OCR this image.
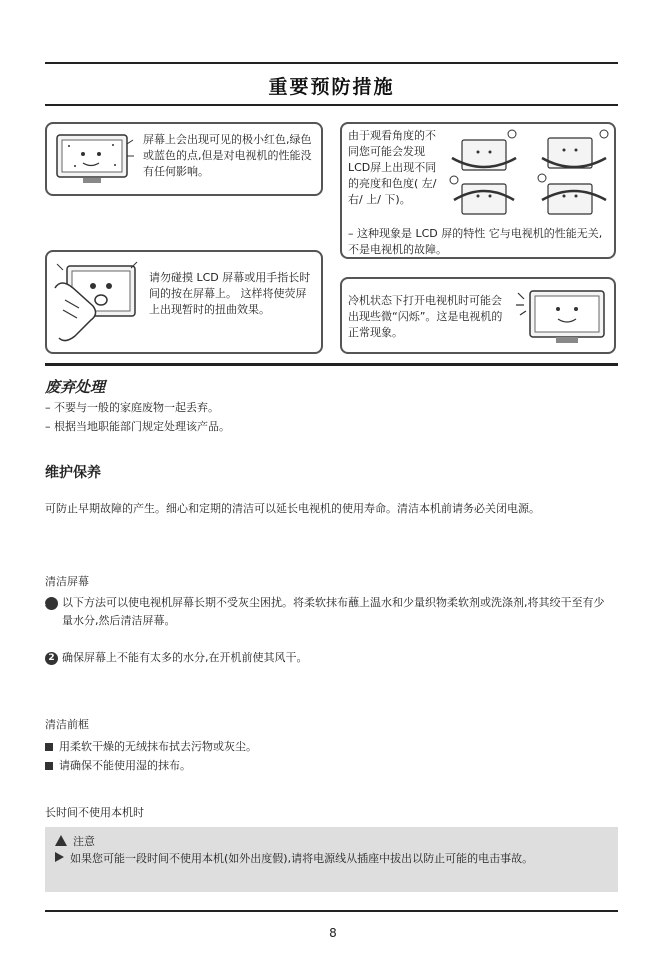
重要预防措施
屏幕上会出现可见的极小红色,绿色或蓝色的点,但是对电视机的性能没有任何影响。
由于观看角度的不同您可能会发现 LCD屏上出现不同的亮度和色度( 左/ 右/ 上/ 下)。
– 这种现象是 LCD 屏的特性 它与电视机的性能无关,不是电视机的故障。
请勿碰摸 LCD 屏幕或用手指长时间的按在屏幕上。 这样将使荧屏上出现暂时的扭曲效果。
冷机状态下打开电视机时可能会出现些微“闪烁”。这是电视机的正常现象。
废弃处理
– 不要与一般的家庭废物一起丢弃。
– 根据当地职能部门规定处理该产品。
维护保养
可防止早期故障的产生。细心和定期的清洁可以延长电视机的使用寿命。清洁本机前请务必关闭电源。
清洁屏幕
1 以下方法可以使电视机屏幕长期不受灰尘困扰。将柔软抹布蘸上温水和少量织物柔软剂或洗涤剂,将其绞干至有少量水分,然后清洁屏幕。
2 确保屏幕上不能有太多的水分,在开机前使其风干。
清洁前框
用柔软干燥的无绒抹布拭去污物或灰尘。
请确保不能使用湿的抹布。
长时间不使用本机时
注意
如果您可能一段时间不使用本机(如外出度假),请将电源线从插座中拔出以防止可能的电击事故。
8
